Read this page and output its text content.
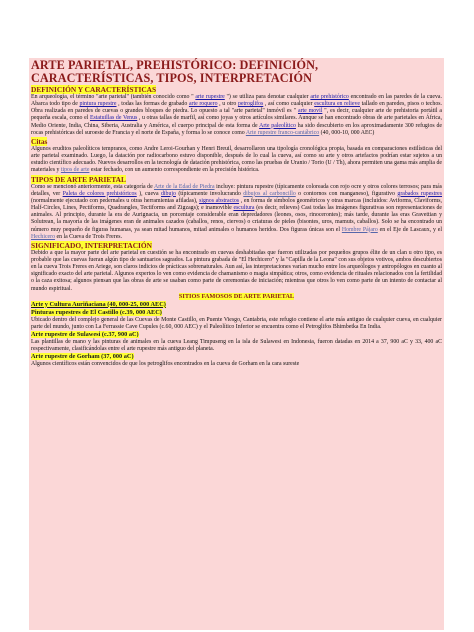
ARTE PARIETAL, PREHISTÓRICO: DEFINICIÓN, CARACTERÍSTICAS, TIPOS, INTERPRETACIÓN
DEFINICIÓN Y CARACTERÍSTICAS
En arqueología, el término "arte parietal" (también conocido como " arte rupestre ") se utiliza para denotar cualquier arte prehistórico encontrado en las paredes de la cueva. Abarca todo tipo de pintura rupestre , todas las formas de grabado arte roquero , u otro petroglifos , así como cualquier escultura en relieve tallado en paredes, pisos o techos. Obra realizada en paredes de cuevas o grandes bloques de piedra. Lo opuesto a tal "arte parietal" inmóvil es " arte movil ", es decir, cualquier arte de prehistoria portátil a pequeña escala, como el Estatuillas de Venus , u otras tallas de marfil, así como joyas y otros artículos similares. Aunque se han encontrado obras de arte parietales en África, Medio Oriente, India, China, Siberia, Australia y América, el cuerpo principal de esta forma de Arte paleolítico ha sido descubierto en los aproximadamente 300 refugios de rocas prehistóricas del suroeste de Francia y el norte de España, y forma lo se conoce como Arte rupestre franco-cantábrico (40, 000-10, 000 AEC)
Citas
Algunos eruditos paleolíticos tempranos, como Andre Leroi-Gourhan y Henri Breuil, desarrollaron una tipología cronológica propia, basada en comparaciones estilísticas del arte parietal examinado. Luego, la datación por radiocarbono estuvo disponible, después de lo cual la cueva, así como su arte y otros artefactos podrían estar sujetos a un estudio científico adecuado. Nuevos desarrollos en la tecnología de datación prehistórica, como las pruebas de Uranio / Torio (U / Th), ahora permiten una gama más amplia de materiales y tipos de arte estar fechado, con un aumento correspondiente en la precisión histórica.
TIPOS DE ARTE PARIETAL
Como se mencionó anteriormente, esta categoría de Arte de la Edad de Piedra incluye: pintura rupestre (típicamente coloreada con rojo ocre y otros colores terrosos; para más detalles, ver Paleta de colores prehistóricos ), cueva dibujo (típicamente involucrando dibujos al carboncillo o contornos con manganeso), figurativo grabados rupestres (normalmente ejecutado con pedernales u otras herramientas afiladas), signos abstractos , en forma de símbolos geométricos y otras marcas (incluidos: Aviforms, Claviforms, Half-Circles, Lines, Pectiforms, Quadrangles, Tectiforms and Zigzags); e inamovible escultura (es decir, relieves) Casi todas las imágenes figurativas son representaciones de animales. Al principio, durante la era de Aurignacia, un porcentaje considerable eran depredadores (leones, osos, rinocerontes); más tarde, durante las eras Gravettian y Solutrean, la mayoría de las imágenes eran de animales cazados (caballos, renos, ciervos) o criaturas de pieles (bisontes, uros, mamuts, caballos). Solo se ha encontrado un número muy pequeño de figuras humanas, ya sean mitad humanos, mitad animales o humanos heridos. Dos figuras únicas son el Hombre Pájaro en el Eje de Lascaux, y el Hechicero en la Cueva de Trois Freres.
SIGNIFICADO, INTERPRETACIÓN
Debido a que la mayor parte del arte parietal en cuestión se ha encontrado en cuevas deshabitadas que fueron utilizadas por pequeños grupos élite de un clan u otro tipo, es probable que las cuevas fueran algún tipo de santuarios sagrados. La pintura grabada de "El Hechicero" y la "Capilla de la Leona" con sus objetos votivos, ambos descubiertos en la cueva Trois Freres en Ariege, son claros indicios de prácticas sobrenaturales. Aun así, las interpretaciones varían mucho entre los arqueólogos y antropólogos en cuanto al significado exacto del arte parietal. Algunos expertos lo ven como evidencia de chamanismo o magia simpática; otros, como evidencia de rituales relacionados con la fertilidad o la caza exitosa; algunos piensan que las obras de arte se usaban como parte de ceremonias de iniciación; mientras que otros lo ven como parte de un intento de contactar al mundo espiritual.
SITIOS FAMOSOS DE ARTE PARIETAL
Arte y Cultura Auriñaciana (40, 000-25, 000 AEC)
Pinturas rupestres de El Castillo (c.39, 000 AEC)
Ubicado dentro del complejo general de las Cuevas de Monte Castillo, en Puente Viesgo, Cantabria, este refugio contiene el arte más antiguo de cualquier cueva, en cualquier parte del mundo, junto con La Ferrassie Cave Cupules (c.60, 000 AEC) y el Paleolítico Inferior se encuentra como el Petroglifos Bhimbetka En India.
Arte rupestre de Sulawesi (c.37, 900 aC)
Las plantillas de mano y las pinturas de animales en la cueva Leang Timpuseng en la isla de Sulawesi en Indonesia, fueron datadas en 2014 a 37, 900 aC y 33, 400 aC respectivamente, clasificándolas entre el arte rupestre más antiguo del planeta.
Arte rupestre de Gorham (37, 000 aC)
Algunos científicos están convencidos de que los petroglifos encontrados en la cueva de Gorham en la cara sureste
